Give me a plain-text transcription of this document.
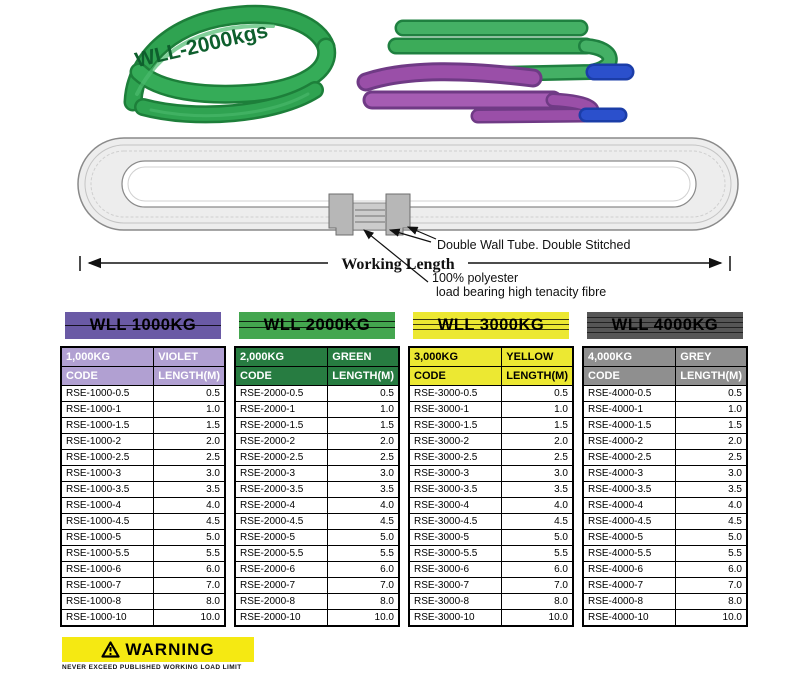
WLL-2000kgs
Double Wall Tube. Double Stitched
Working Length
100% polyester
load bearing high tenacity fibre
WLL 1000KG
1,000KG	VIOLET
CODE	LENGTH(M)
RSE-1000-0.5	0.5
RSE-1000-1	1.0
RSE-1000-1.5	1.5
RSE-1000-2	2.0
RSE-1000-2.5	2.5
RSE-1000-3	3.0
RSE-1000-3.5	3.5
RSE-1000-4	4.0
RSE-1000-4.5	4.5
RSE-1000-5	5.0
RSE-1000-5.5	5.5
RSE-1000-6	6.0
RSE-1000-7	7.0
RSE-1000-8	8.0
RSE-1000-10	10.0
WLL 2000KG
2,000KG	GREEN
CODE	LENGTH(M)
RSE-2000-0.5	0.5
RSE-2000-1	1.0
RSE-2000-1.5	1.5
RSE-2000-2	2.0
RSE-2000-2.5	2.5
RSE-2000-3	3.0
RSE-2000-3.5	3.5
RSE-2000-4	4.0
RSE-2000-4.5	4.5
RSE-2000-5	5.0
RSE-2000-5.5	5.5
RSE-2000-6	6.0
RSE-2000-7	7.0
RSE-2000-8	8.0
RSE-2000-10	10.0
WLL 3000KG
3,000KG	YELLOW
CODE	LENGTH(M)
RSE-3000-0.5	0.5
RSE-3000-1	1.0
RSE-3000-1.5	1.5
RSE-3000-2	2.0
RSE-3000-2.5	2.5
RSE-3000-3	3.0
RSE-3000-3.5	3.5
RSE-3000-4	4.0
RSE-3000-4.5	4.5
RSE-3000-5	5.0
RSE-3000-5.5	5.5
RSE-3000-6	6.0
RSE-3000-7	7.0
RSE-3000-8	8.0
RSE-3000-10	10.0
WLL 4000KG
4,000KG	GREY
CODE	LENGTH(M)
RSE-4000-0.5	0.5
RSE-4000-1	1.0
RSE-4000-1.5	1.5
RSE-4000-2	2.0
RSE-4000-2.5	2.5
RSE-4000-3	3.0
RSE-4000-3.5	3.5
RSE-4000-4	4.0
RSE-4000-4.5	4.5
RSE-4000-5	5.0
RSE-4000-5.5	5.5
RSE-4000-6	6.0
RSE-4000-7	7.0
RSE-4000-8	8.0
RSE-4000-10	10.0
WARNING
NEVER EXCEED PUBLISHED WORKING LOAD LIMIT
